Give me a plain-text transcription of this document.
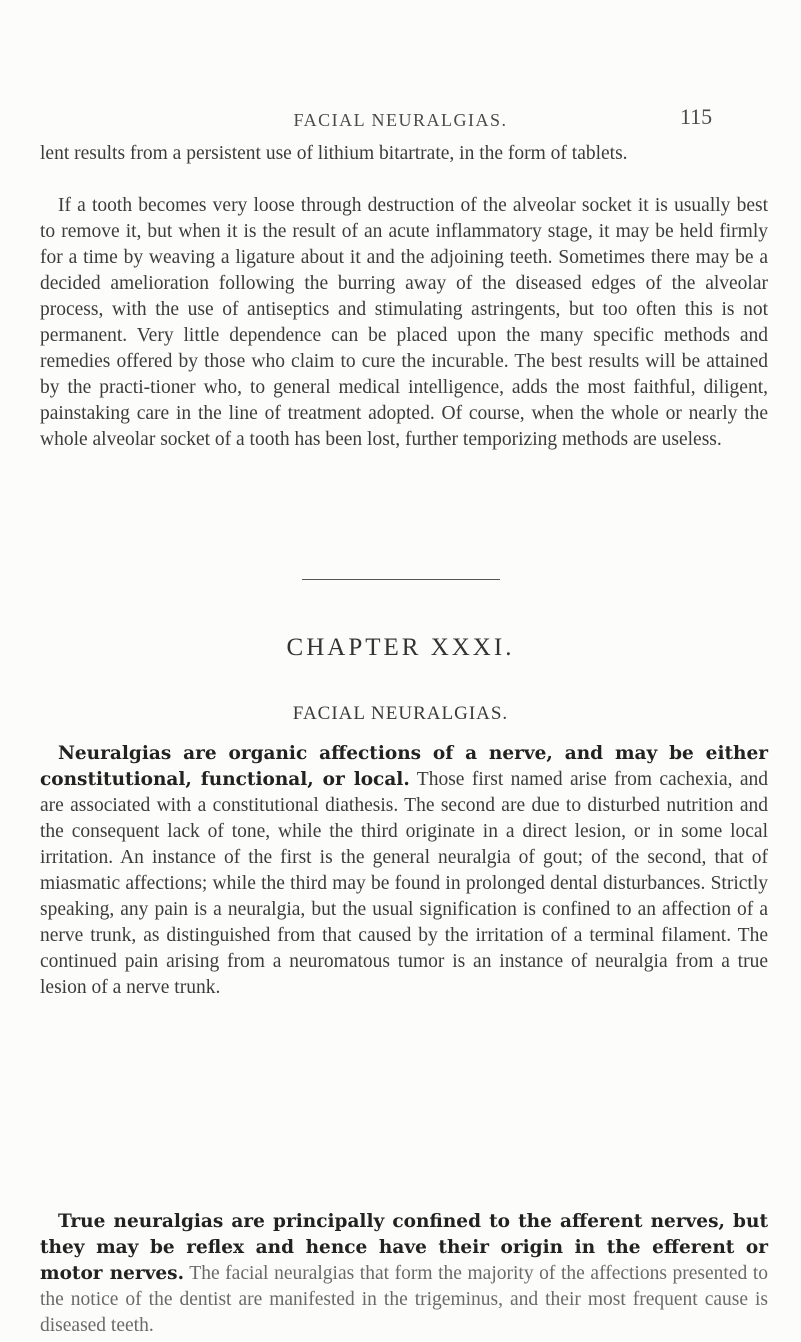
FACIAL NEURALGIAS.	115

lent results from a persistent use of lithium bitartrate, in the form of tablets.

If a tooth becomes very loose through destruction of the alveolar socket it is usually best to remove it, but when it is the result of an acute inflammatory stage, it may be held firmly for a time by weaving a ligature about it and the adjoining teeth. Sometimes there may be a decided amelioration following the burring away of the diseased edges of the alveolar process, with the use of antiseptics and stimulating astringents, but too often this is not permanent. Very little dependence can be placed upon the many specific methods and remedies offered by those who claim to cure the incurable. The best results will be attained by the practi-tioner who, to general medical intelligence, adds the most faithful, diligent, painstaking care in the line of treatment adopted. Of course, when the whole or nearly the whole alveolar socket of a tooth has been lost, further temporizing methods are useless.

CHAPTER XXXI.
FACIAL NEURALGIAS.

Neuralgias are organic affections of a nerve, and may be either constitutional, functional, or local. Those first named arise from cachexia, and are associated with a constitutional diathesis. The second are due to disturbed nutrition and the consequent lack of tone, while the third originate in a direct lesion, or in some local irritation. An instance of the first is the general neuralgia of gout; of the second, that of miasmatic affections; while the third may be found in prolonged dental disturbances. Strictly speaking, any pain is a neuralgia, but the usual signification is confined to an affection of a nerve trunk, as distinguished from that caused by the irritation of a terminal filament. The continued pain arising from a neuromatous tumor is an instance of neuralgia from a true lesion of a nerve trunk.

True neuralgias are principally confined to the afferent nerves, but they may be reflex and hence have their origin in the efferent or motor nerves. The facial neuralgias that form the majority of the affections presented to the notice of the dentist are manifested in the trigeminus, and their most frequent cause is diseased teeth.
